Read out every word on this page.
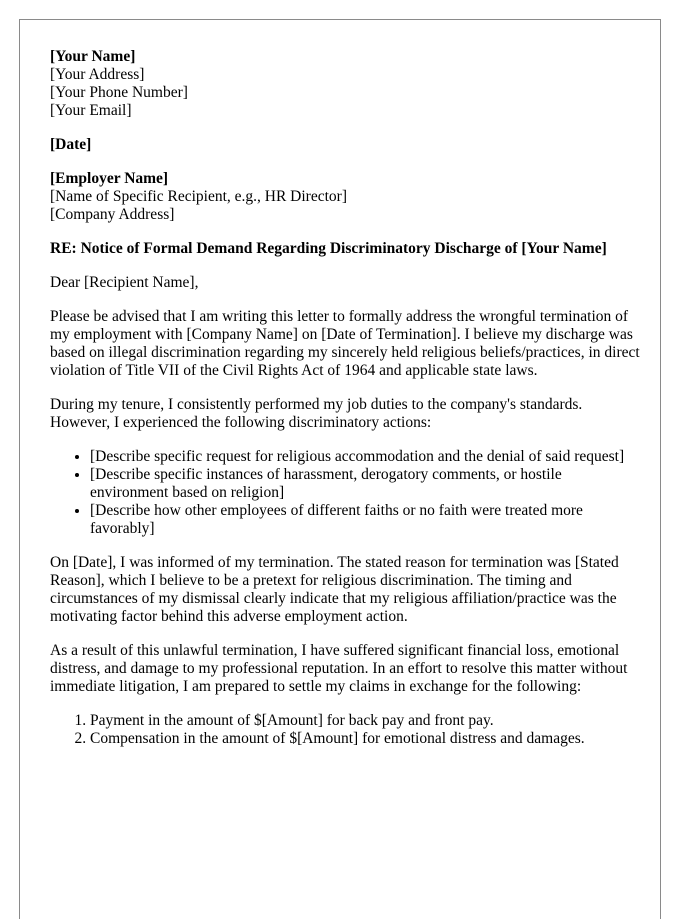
[Your Name]
[Your Address]
[Your Phone Number]
[Your Email]
[Date]
[Employer Name]
[Name of Specific Recipient, e.g., HR Director]
[Company Address]
RE: Notice of Formal Demand Regarding Discriminatory Discharge of [Your Name]

Dear [Recipient Name],

Please be advised that I am writing this letter to formally address the wrongful termination of my employment with [Company Name] on [Date of Termination]. I believe my discharge was based on illegal discrimination regarding my sincerely held religious beliefs/practices, in direct violation of Title VII of the Civil Rights Act of 1964 and applicable state laws.

During my tenure, I consistently performed my job duties to the company's standards. However, I experienced the following discriminatory actions:

• [Describe specific request for religious accommodation and the denial of said request]
• [Describe specific instances of harassment, derogatory comments, or hostile environment based on religion]
• [Describe how other employees of different faiths or no faith were treated more favorably]

On [Date], I was informed of my termination. The stated reason for termination was [Stated Reason], which I believe to be a pretext for religious discrimination. The timing and circumstances of my dismissal clearly indicate that my religious affiliation/practice was the motivating factor behind this adverse employment action.

As a result of this unlawful termination, I have suffered significant financial loss, emotional distress, and damage to my professional reputation. In an effort to resolve this matter without immediate litigation, I am prepared to settle my claims in exchange for the following:

1. Payment in the amount of $[Amount] for back pay and front pay.
2. Compensation in the amount of $[Amount] for emotional distress and damages.
